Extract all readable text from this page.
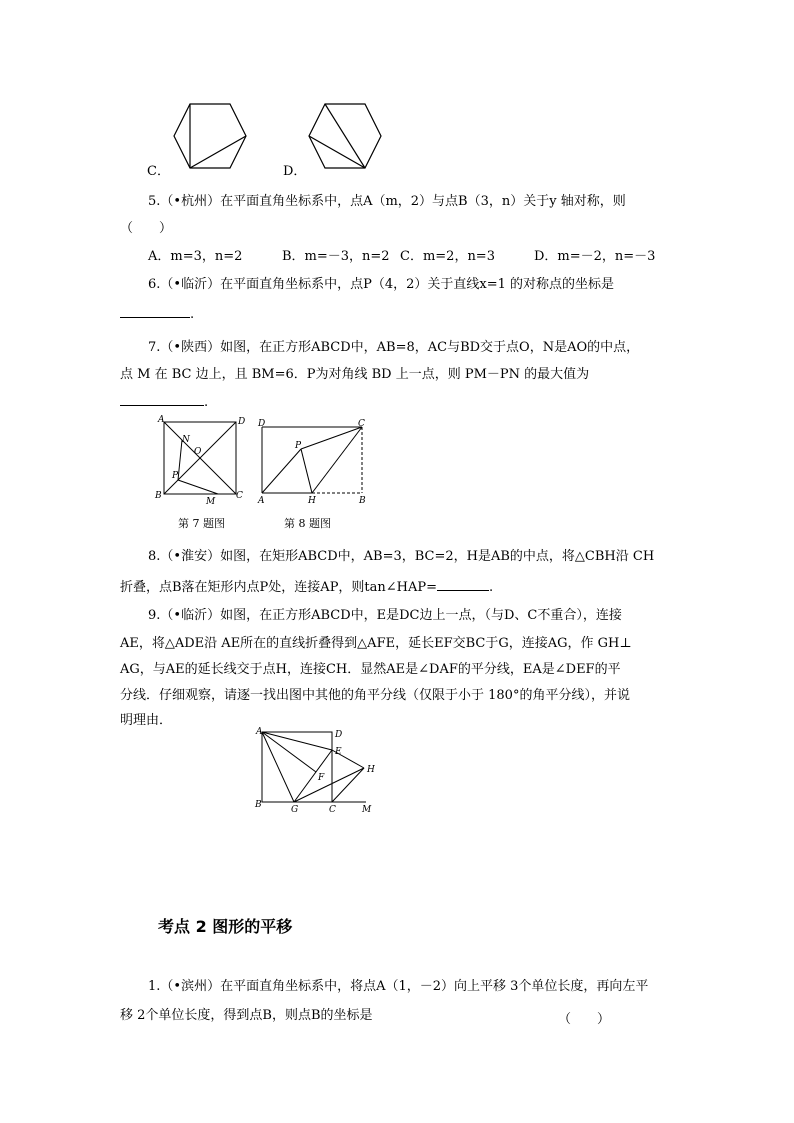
C．	D．
5.（•杭州）在平面直角坐标系中，点A（m，2）与点B（3，n）关于y 轴对称，则
（　　）
A．m=3，n=2	B．m=－3，n=2 C．m=2，n=3	D．m=－2，n=－3
6.（•临沂）在平面直角坐标系中，点P（4，2）关于直线x=1 的对称点的坐标是
.
7.（•陕西）如图，在正方形ABCD中，AB=8，AC与BD交于点O，N是AO的中点，
点 M 在 BC 边上，且 BM=6．P为对角线 BD 上一点，则 PM－PN 的最大值为
.
A	D
B	C
N
O
P
M
第 7 题图
D	C
P
A	H	B
第 8 题图
8.（•淮安）如图，在矩形ABCD中，AB=3，BC=2，H是AB的中点，将△CBH沿 CH
折叠，点B落在矩形内点P处，连接AP，则tan∠HAP=	.
9.（•临沂）如图，在正方形ABCD中，E是DC边上一点，（与D、C不重合），连接
AE，将△ADE沿 AE所在的直线折叠得到△AFE，延长EF交BC于G，连接AG，作 GH⊥
AG，与AE的延长线交于点H，连接CH．显然AE是∠DAF的平分线，EA是∠DEF的平
分线．仔细观察，请逐一找出图中其他的角平分线（仅限于小于 180°的角平分线），并说
明理由．
A	D
E
F
H
B	G	C	M
考点 2 图形的平移
1.（•滨州）在平面直角坐标系中，将点A（1，－2）向上平移 3个单位长度，再向左平
移 2个单位长度，得到点B，则点B的坐标是	（　　）
